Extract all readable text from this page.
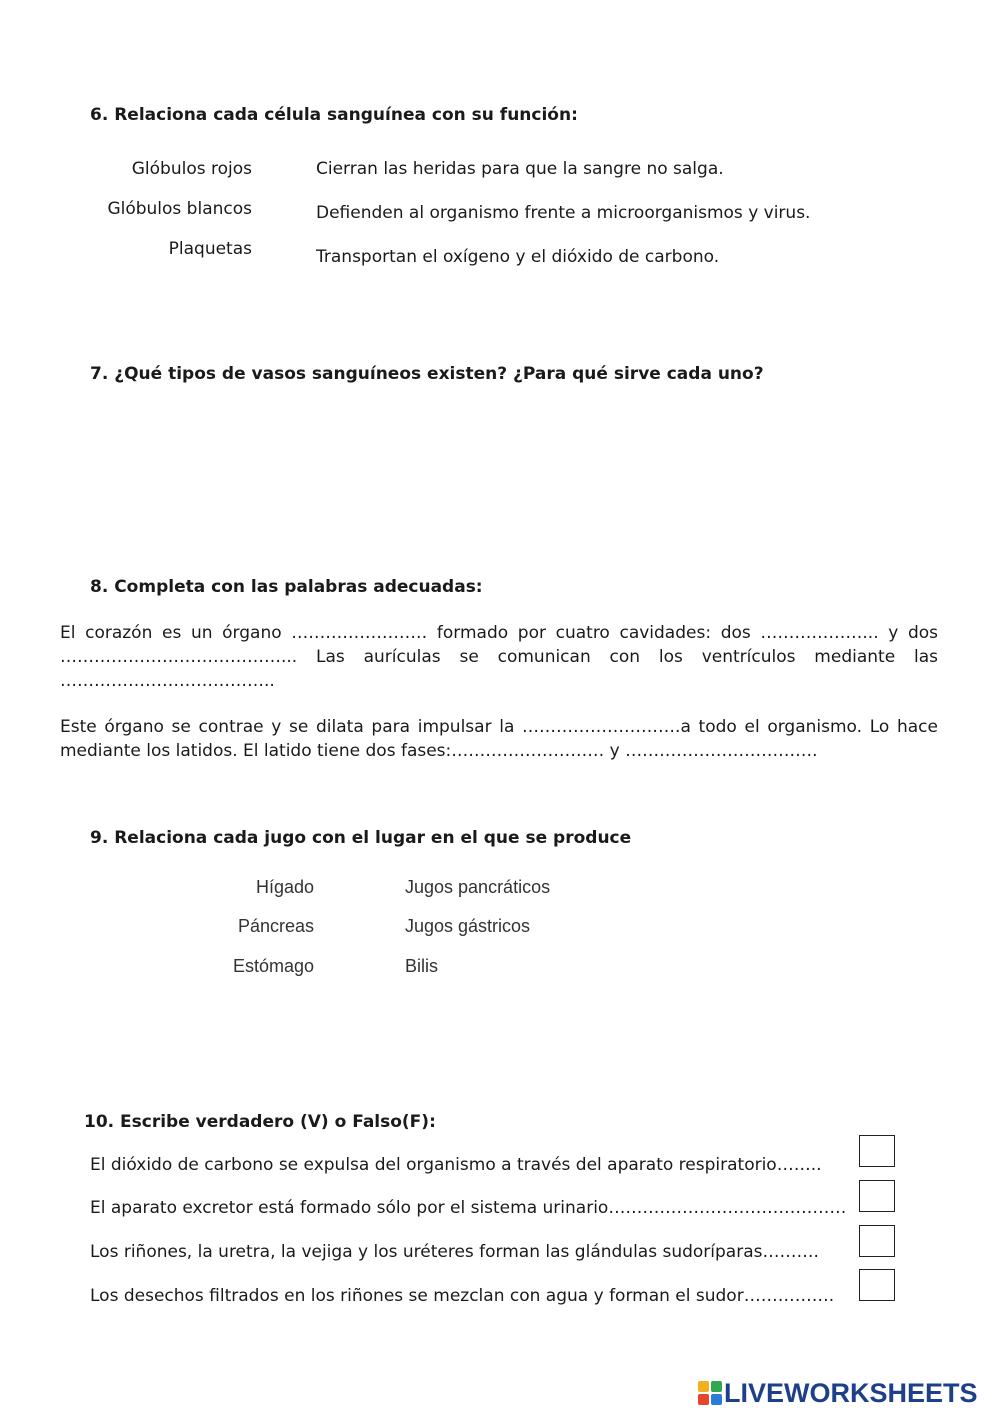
6. Relaciona cada célula sanguínea con su función:
Glóbulos rojos
Glóbulos blancos
Plaquetas
Cierran las heridas para que la sangre no salga.
Defienden al organismo frente a microorganismos y virus.
Transportan el oxígeno y el dióxido de carbono.
7. ¿Qué tipos de vasos sanguíneos existen? ¿Para qué sirve cada uno?
8. Completa con las palabras adecuadas:
El corazón es un órgano …………………… formado por cuatro cavidades: dos ………………... y dos …………………………………... Las aurículas se comunican con los ventrículos mediante las ………………………………..
Este órgano se contrae y se dilata para impulsar la ……………………….a todo el organismo. Lo hace mediante los latidos. El latido tiene dos fases:……………………… y …………………………….
9. Relaciona cada jugo con el lugar en el que se produce
Hígado
Páncreas
Estómago
Jugos pancráticos
Jugos gástricos
Bilis
10. Escribe verdadero (V) o Falso(F):
El dióxido de carbono se expulsa del organismo a través del aparato respiratorio……..
El aparato excretor está formado sólo por el sistema urinario……………………………………
Los riñones, la uretra, la vejiga y los uréteres forman las glándulas sudoríparas……….
Los desechos filtrados en los riñones se mezclan con agua y forman el sudor…………….
LIVEWORKSHEETS
